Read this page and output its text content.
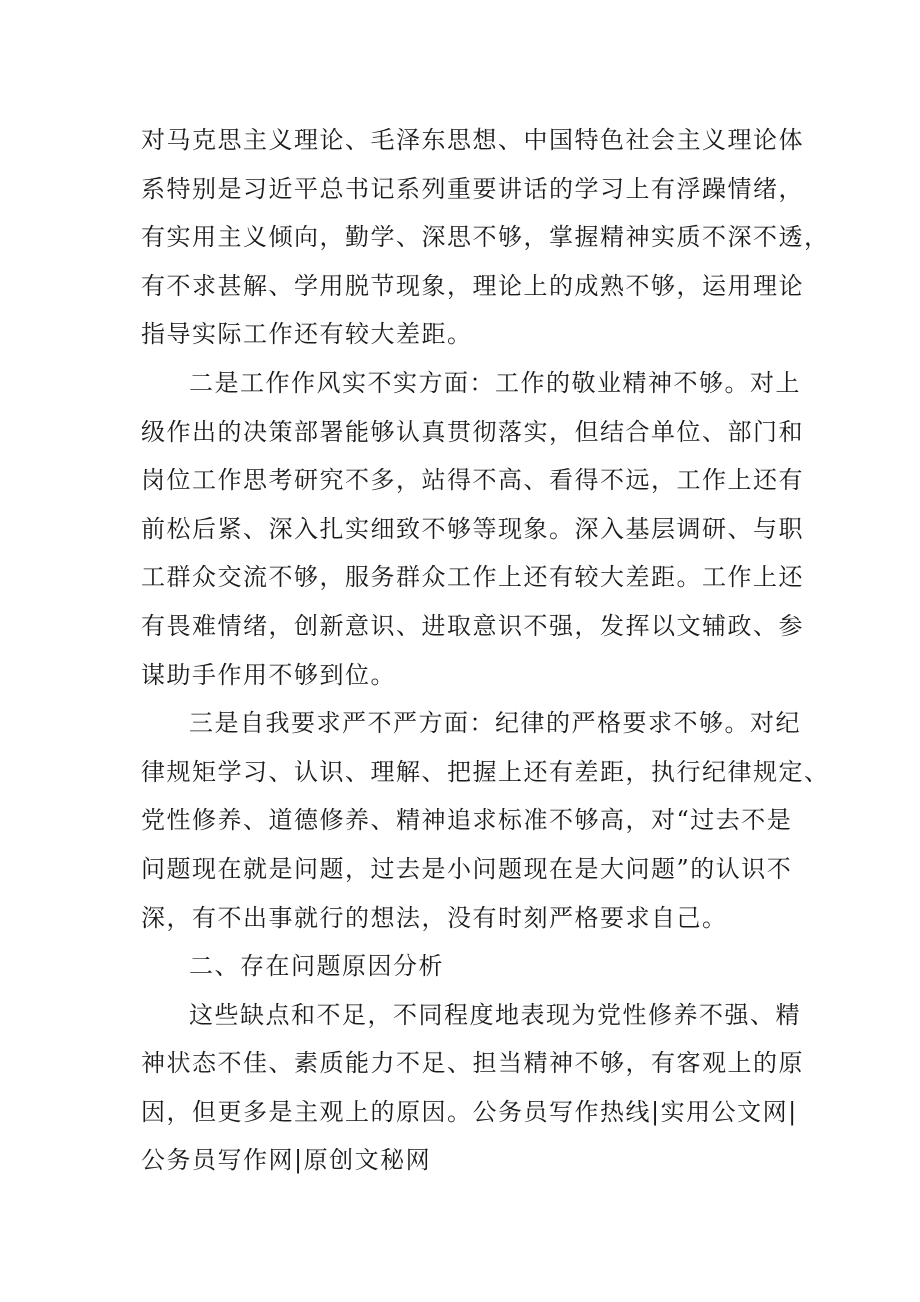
对马克思主义理论、毛泽东思想、中国特色社会主义理论体
系特别是习近平总书记系列重要讲话的学习上有浮躁情绪，
有实用主义倾向，勤学、深思不够，掌握精神实质不深不透，
有不求甚解、学用脱节现象，理论上的成熟不够，运用理论
指导实际工作还有较大差距。
二是工作作风实不实方面：工作的敬业精神不够。对上
级作出的决策部署能够认真贯彻落实，但结合单位、部门和
岗位工作思考研究不多，站得不高、看得不远，工作上还有
前松后紧、深入扎实细致不够等现象。深入基层调研、与职
工群众交流不够，服务群众工作上还有较大差距。工作上还
有畏难情绪，创新意识、进取意识不强，发挥以文辅政、参
谋助手作用不够到位。
三是自我要求严不严方面：纪律的严格要求不够。对纪
律规矩学习、认识、理解、把握上还有差距，执行纪律规定、
党性修养、道德修养、精神追求标准不够高，对“过去不是
问题现在就是问题，过去是小问题现在是大问题”的认识不
深，有不出事就行的想法，没有时刻严格要求自己。
二、存在问题原因分析
这些缺点和不足，不同程度地表现为党性修养不强、精
神状态不佳、素质能力不足、担当精神不够，有客观上的原
因，但更多是主观上的原因。公务员写作热线|实用公文网|
公务员写作网|原创文秘网
